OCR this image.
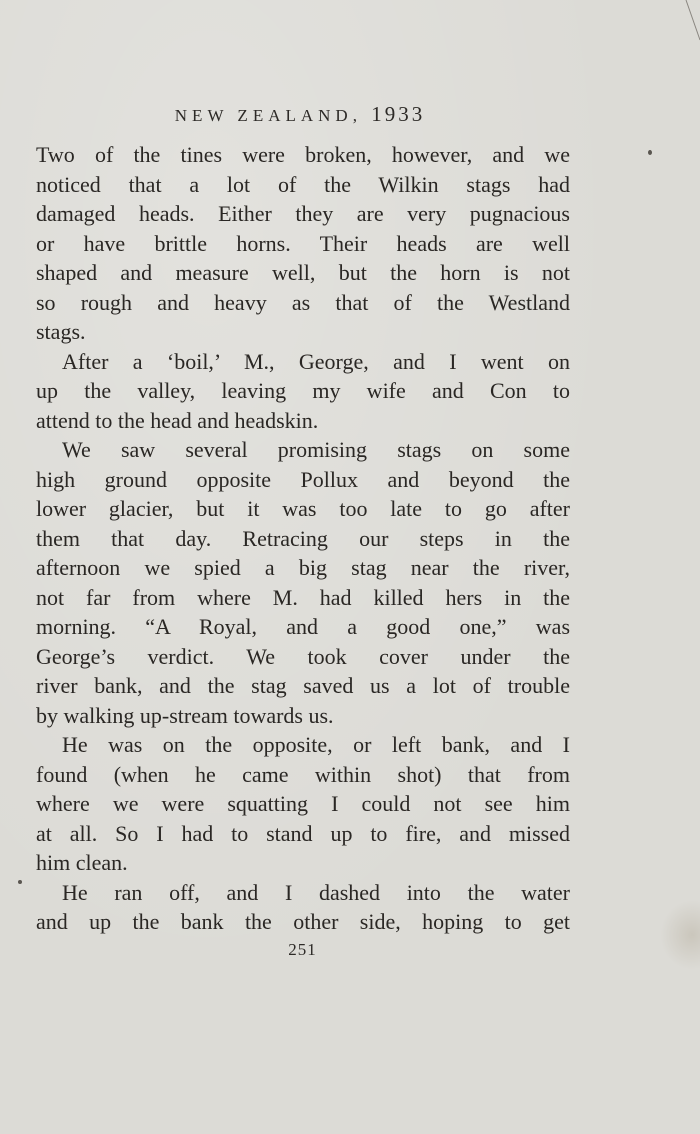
NEW ZEALAND, 1933
Two of the tines were broken, however, and we
noticed that a lot of the Wilkin stags had
damaged heads. Either they are very pugnacious
or have brittle horns. Their heads are well
shaped and measure well, but the horn is not
so rough and heavy as that of the Westland
stags.
After a ‘boil,’ M., George, and I went on
up the valley, leaving my wife and Con to
attend to the head and headskin.
We saw several promising stags on some
high ground opposite Pollux and beyond the
lower glacier, but it was too late to go after
them that day. Retracing our steps in the
afternoon we spied a big stag near the river,
not far from where M. had killed hers in the
morning. “A Royal, and a good one,” was
George’s verdict. We took cover under the
river bank, and the stag saved us a lot of trouble
by walking up-stream towards us.
He was on the opposite, or left bank, and I
found (when he came within shot) that from
where we were squatting I could not see him
at all. So I had to stand up to fire, and missed
him clean.
He ran off, and I dashed into the water
and up the bank the other side, hoping to get
251
